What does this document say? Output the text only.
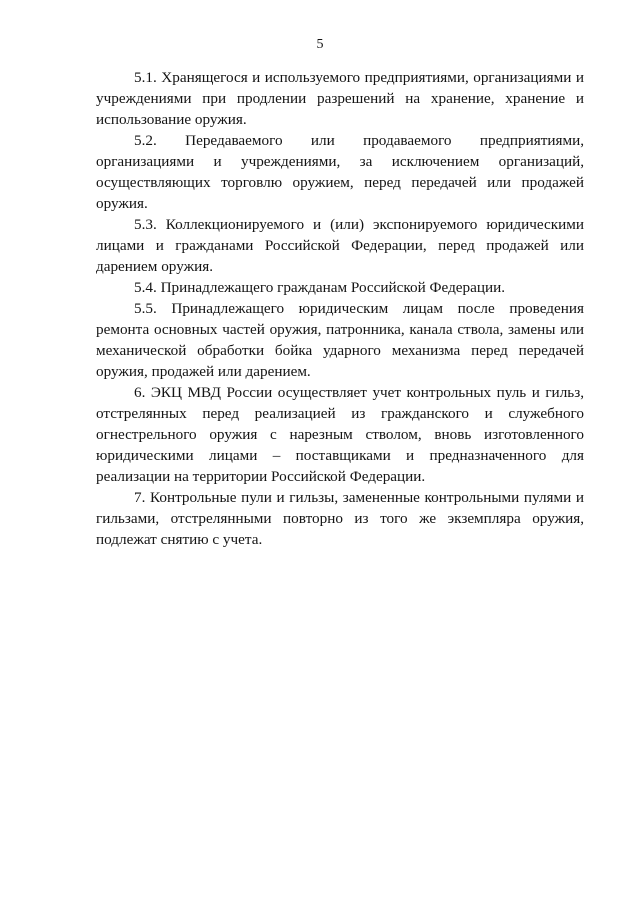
5

5.1. Хранящегося и используемого предприятиями, организациями и учреждениями при продлении разрешений на хранение, хранение и использование оружия.

5.2. Передаваемого или продаваемого предприятиями, организациями и учреждениями, за исключением организаций, осуществляющих торговлю оружием, перед передачей или продажей оружия.

5.3. Коллекционируемого и (или) экспонируемого юридическими лицами и гражданами Российской Федерации, перед продажей или дарением оружия.

5.4. Принадлежащего гражданам Российской Федерации.

5.5. Принадлежащего юридическим лицам после проведения ремонта основных частей оружия, патронника, канала ствола, замены или механической обработки бойка ударного механизма перед передачей оружия, продажей или дарением.

6. ЭКЦ МВД России осуществляет учет контрольных пуль и гильз, отстрелянных перед реализацией из гражданского и служебного огнестрельного оружия с нарезным стволом, вновь изготовленного юридическими лицами – поставщиками и предназначенного для реализации на территории Российской Федерации.

7. Контрольные пули и гильзы, замененные контрольными пулями и гильзами, отстрелянными повторно из того же экземпляра оружия, подлежат снятию с учета.
